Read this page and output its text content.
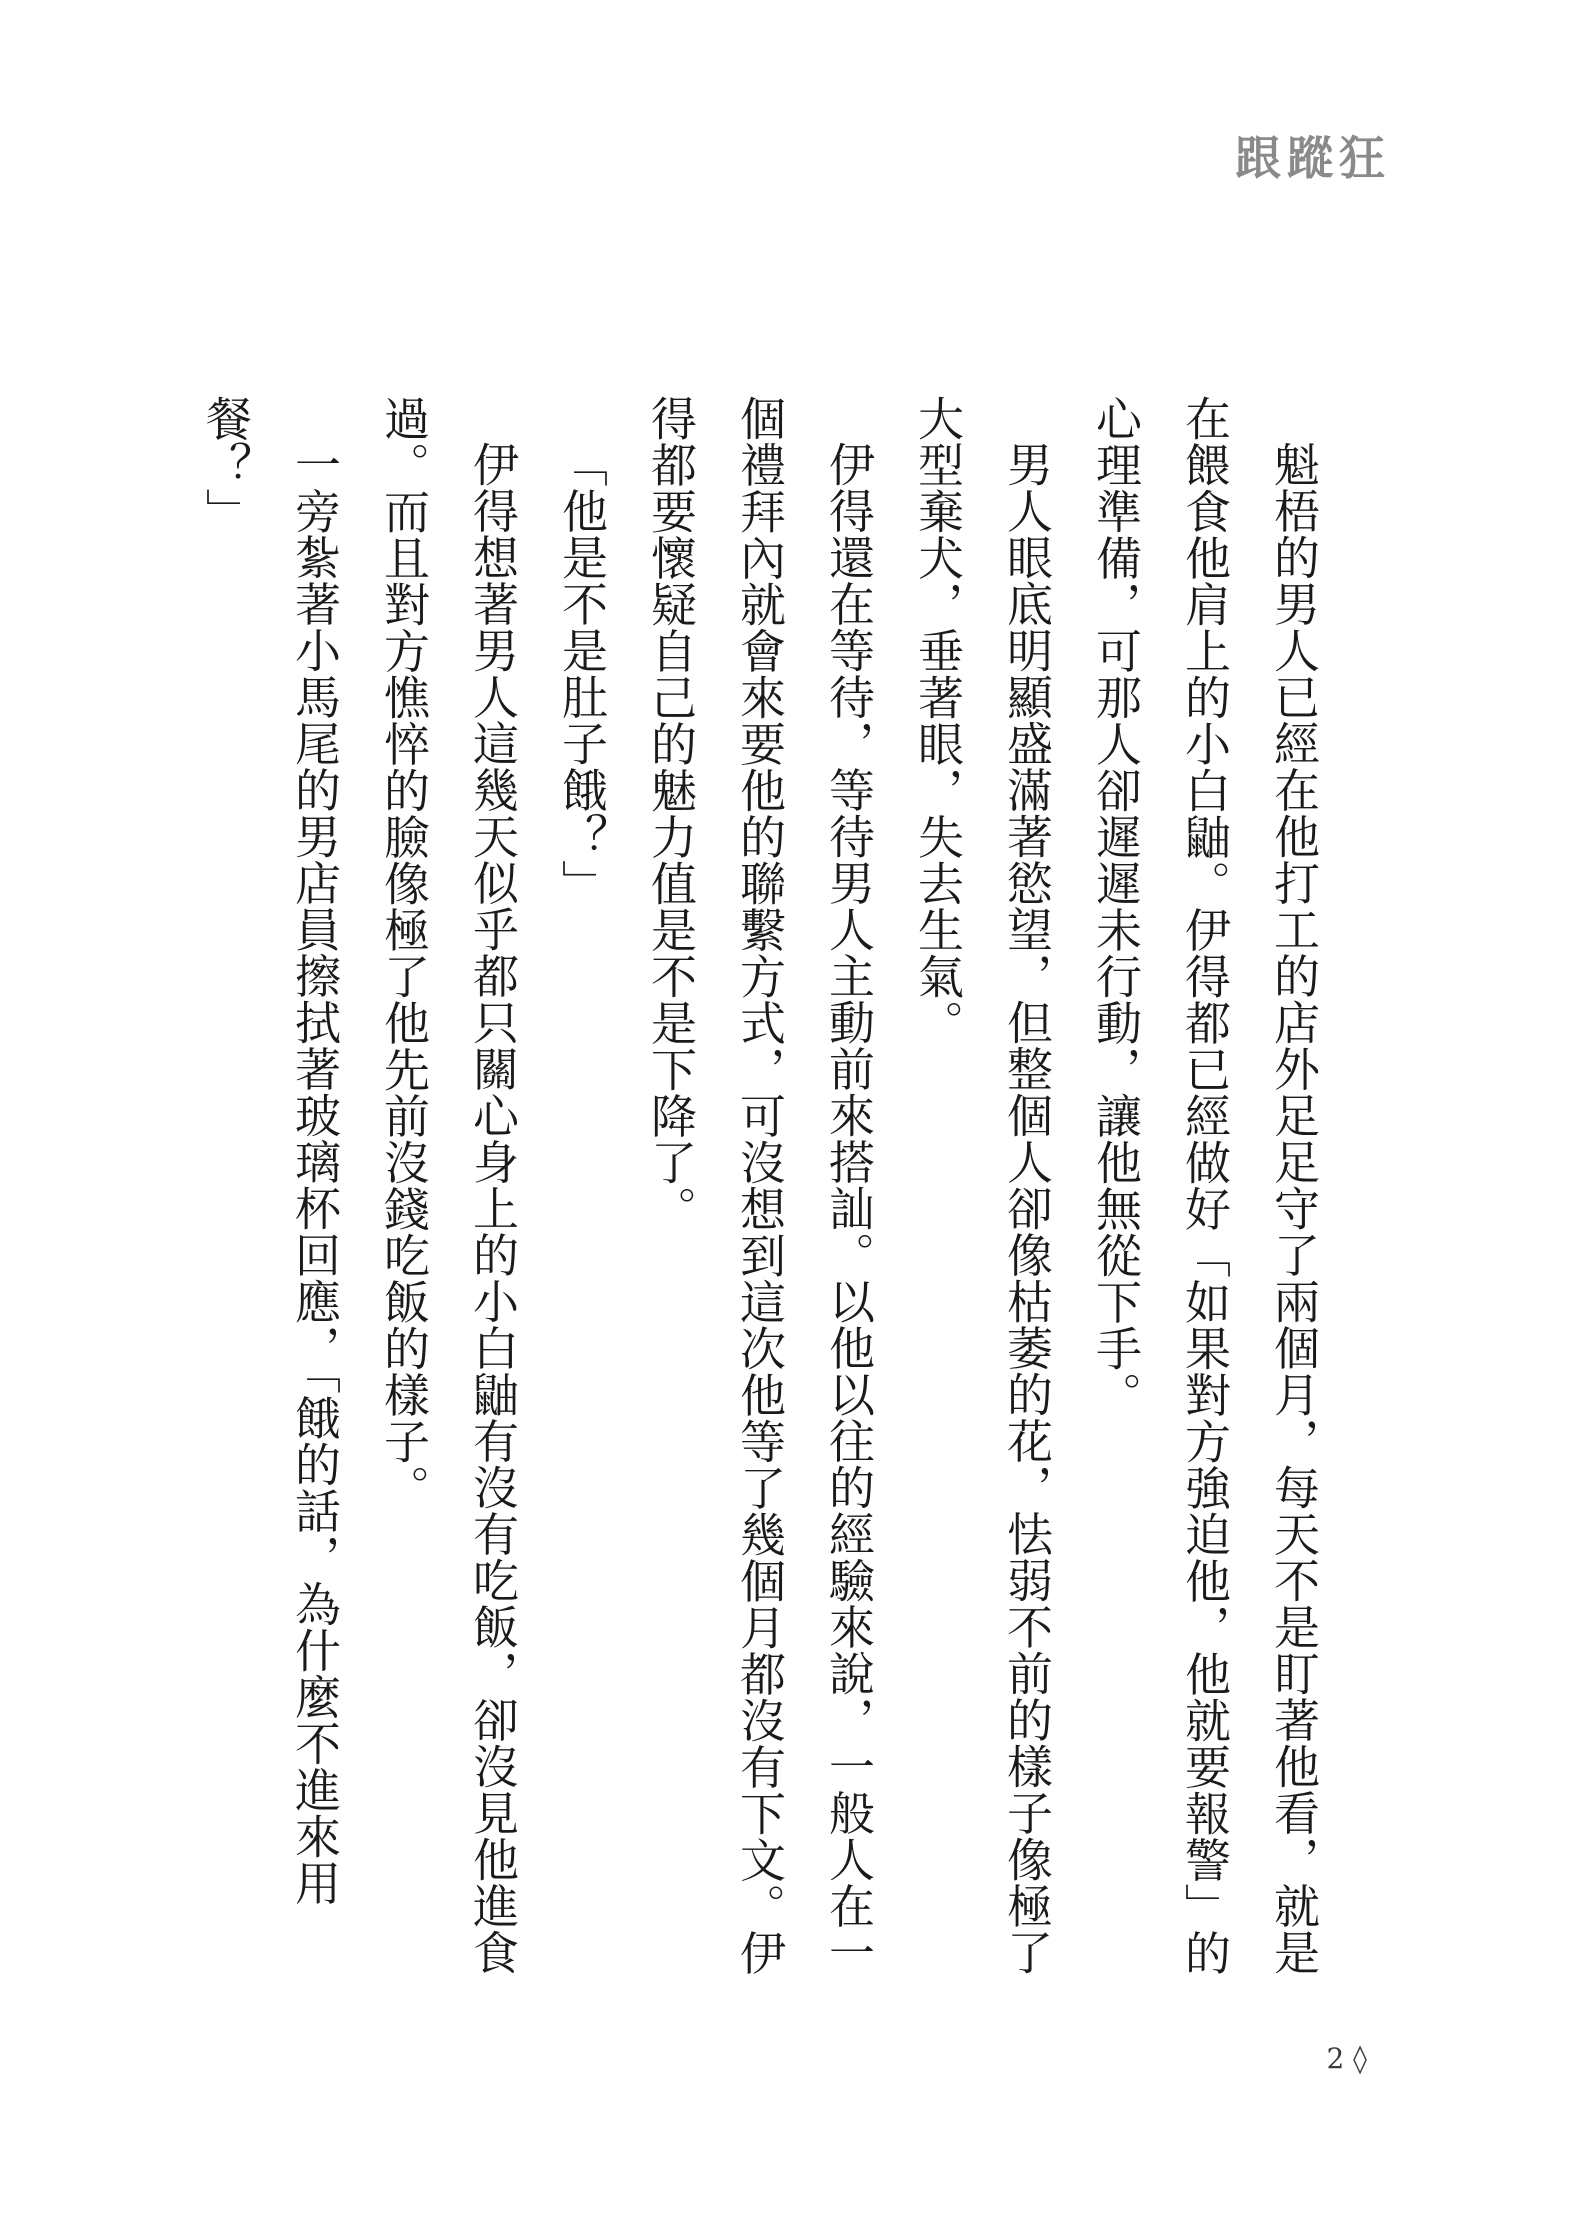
跟蹤狂

魁梧的男人已經在他打工的店外足足守了兩個月，每天不是盯著他看，就是在餵食他肩上的小白鼬。伊得都已經做好「如果對方強迫他，他就要報警」的心理準備，可那人卻遲遲未行動，讓他無從下手。

男人眼底明顯盛滿著慾望，但整個人卻像枯萎的花，怯弱不前的樣子像極了大型棄犬，垂著眼，失去生氣。

伊得還在等待，等待男人主動前來搭訕。以他以往的經驗來說，一般人在一個禮拜內就會來要他的聯繫方式，可沒想到這次他等了幾個月都沒有下文。伊得都要懷疑自己的魅力值是不是下降了。

「他是不是肚子餓？」

伊得想著男人這幾天似乎都只關心身上的小白鼬有沒有吃飯，卻沒見他進食過。而且對方憔悴的臉像極了他先前沒錢吃飯的樣子。

一旁紮著小馬尾的男店員擦拭著玻璃杯回應，「餓的話，為什麼不進來用餐？」

2 ◊
